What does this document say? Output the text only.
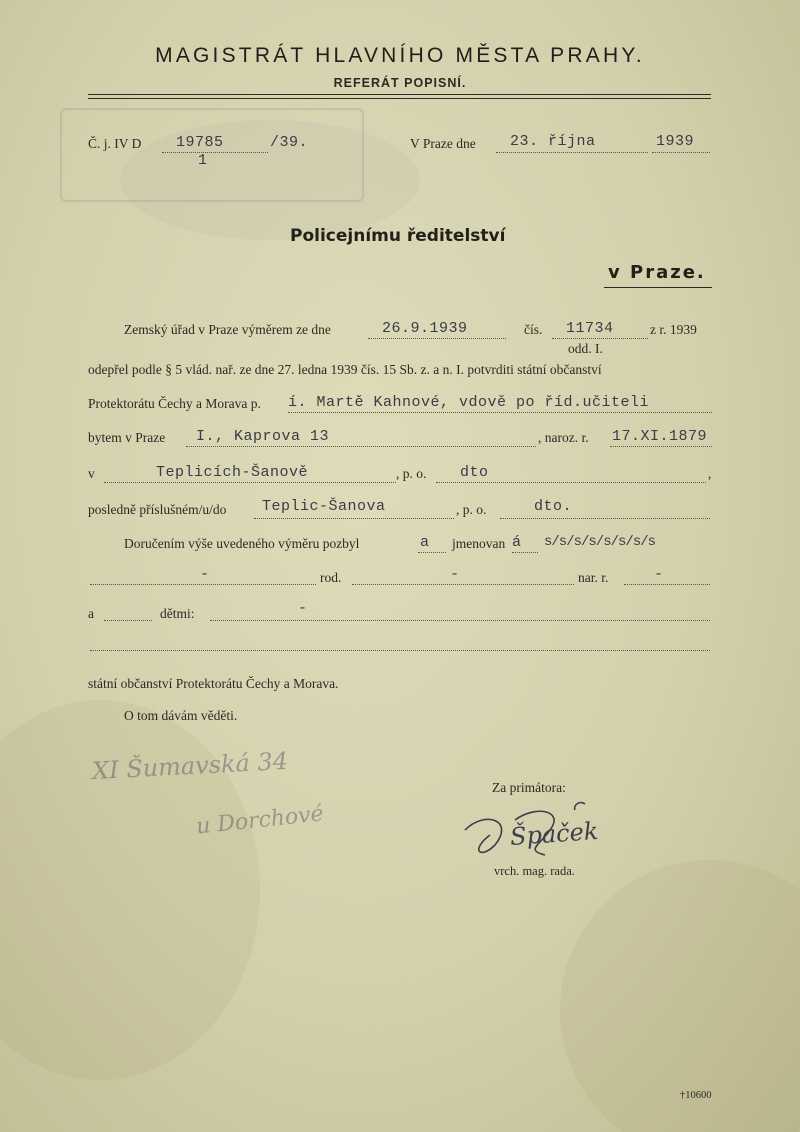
MAGISTRÁT HLAVNÍHO MĚSTA PRAHY.
REFERÁT POPISNÍ.
Č. j. IV D 19785
1
/39.	V Praze dne 23. října	1939
Policejnímu ředitelství
v Praze.
Zemský úřad v Praze výměrem ze dne	26.9.1939	čís. 11734	z r. 1939
odd. I.
odepřel podle § 5 vlád. nař. ze dne 27. ledna 1939 čís. 15 Sb. z. a n. I. potvrditi státní občanství
Protektorátu Čechy a Morava p. í. Martě Kahnové, vdově po říd.učiteli
bytem v Praze I., Kaprova 13	, naroz. r. 17.XI.1879
v	Teplicích-Šanově	, p. o. dto	,
posledně příslušném/u/do Teplic-Šanova	, p. o.	dto.
Doručením výše uvedeného výměru pozbyl	a jmenovan á s/s/s/s/s/s/s/s
-	rod.	-	nar. r.	-
a	dětmi:	-
státní občanství Protektorátu Čechy a Morava.
O tom dávám věděti.
XI Šumavská 34
u Dorchové
Za primátora:
Špaček
vrch. mag. rada.
†10600
